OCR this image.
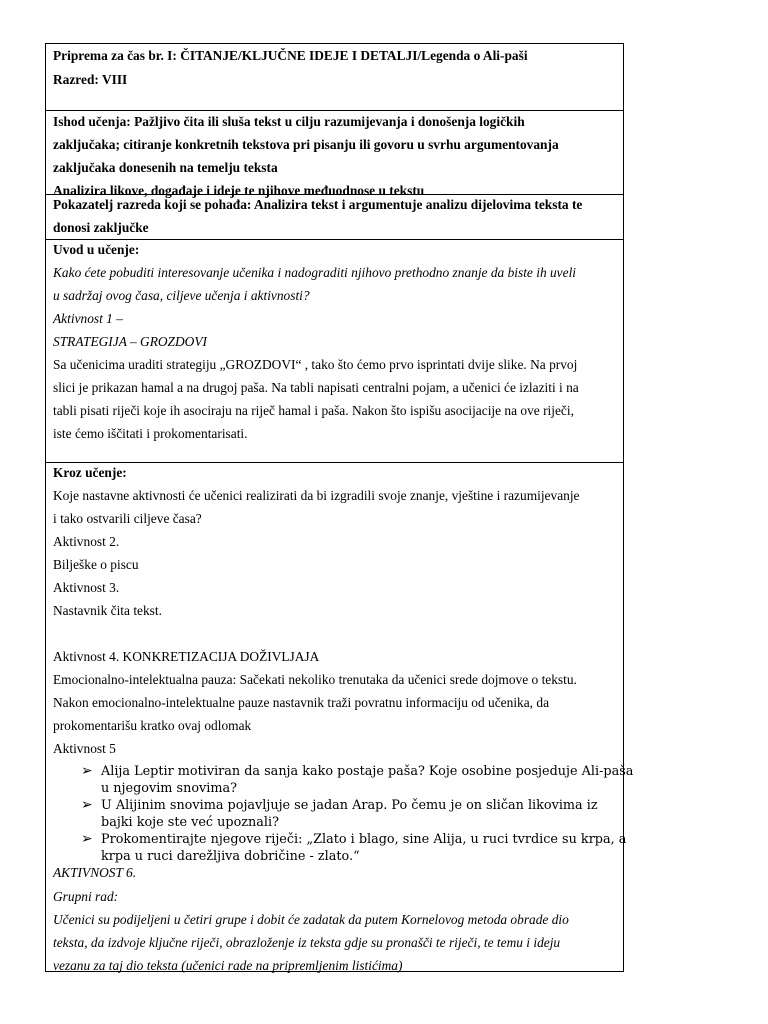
Priprema za čas br. I: ČITANJE/KLJUČNE IDEJE I DETALJI/Legenda o Ali-paši
Razred: VIII
Ishod učenja: Pažljivo čita ili sluša tekst u cilju razumijevanja i donošenja logičkih
zaključaka; citiranje konkretnih tekstova pri pisanju ili govoru u svrhu argumentovanja
zaključaka donesenih na temelju teksta
Analizira likove, događaje i ideje te njihove međuodnose u tekstu
Pokazatelj razreda koji se pohađa: Analizira tekst i argumentuje analizu dijelovima teksta te
donosi zaključke
Uvod u učenje:
Kako ćete pobuditi interesovanje učenika i nadograditi njihovo prethodno znanje da biste ih uveli
u sadržaj ovog časa, ciljeve učenja i aktivnosti?
Aktivnost 1 –
STRATEGIJA – GROZDOVI
Sa učenicima uraditi strategiju „GROZDOVI“ , tako što ćemo prvo isprintati dvije slike. Na prvoj
slici je prikazan hamal a na drugoj paša. Na tabli napisati centralni pojam, a učenici će izlaziti i na
tabli pisati riječi koje ih asociraju na riječ hamal i paša. Nakon što ispišu asocijacije na ove riječi,
iste ćemo iščitati i prokomentarisati.
Kroz učenje:
Koje nastavne aktivnosti će učenici realizirati da bi izgradili svoje znanje, vještine i razumijevanje
i tako ostvarili ciljeve časa?
Aktivnost 2.
Bilješke o piscu
Aktivnost 3.
Nastavnik čita tekst.
Aktivnost 4. KONKRETIZACIJA DOŽIVLJAJA
Emocionalno-intelektualna pauza: Sačekati nekoliko trenutaka da učenici srede dojmove o tekstu.
Nakon emocionalno-intelektualne pauze nastavnik traži povratnu informaciju od učenika, da
prokomentarišu kratko ovaj odlomak
Aktivnost 5
➢ Alija Leptir motiviran da sanja kako postaje paša? Koje osobine posjeduje Ali-paša
u njegovim snovima?
➢ U Alijinim snovima pojavljuje se jadan Arap. Po čemu je on sličan likovima iz
bajki koje ste već upoznali?
➢ Prokomentirajte njegove riječi: „Zlato i blago, sine Alija, u ruci tvrdice su krpa, a
krpa u ruci darežljiva dobričine - zlato.“
AKTIVNOST 6.
Grupni rad:
Učenici su podijeljeni u četiri grupe i dobit će zadatak da putem Kornelovog metoda obrade dio
teksta, da izdvoje ključne riječi, obrazloženje iz teksta gdje su pronašči te riječi, te temu i ideju
vezanu za taj dio teksta (učenici rade na pripremljenim listićima)
